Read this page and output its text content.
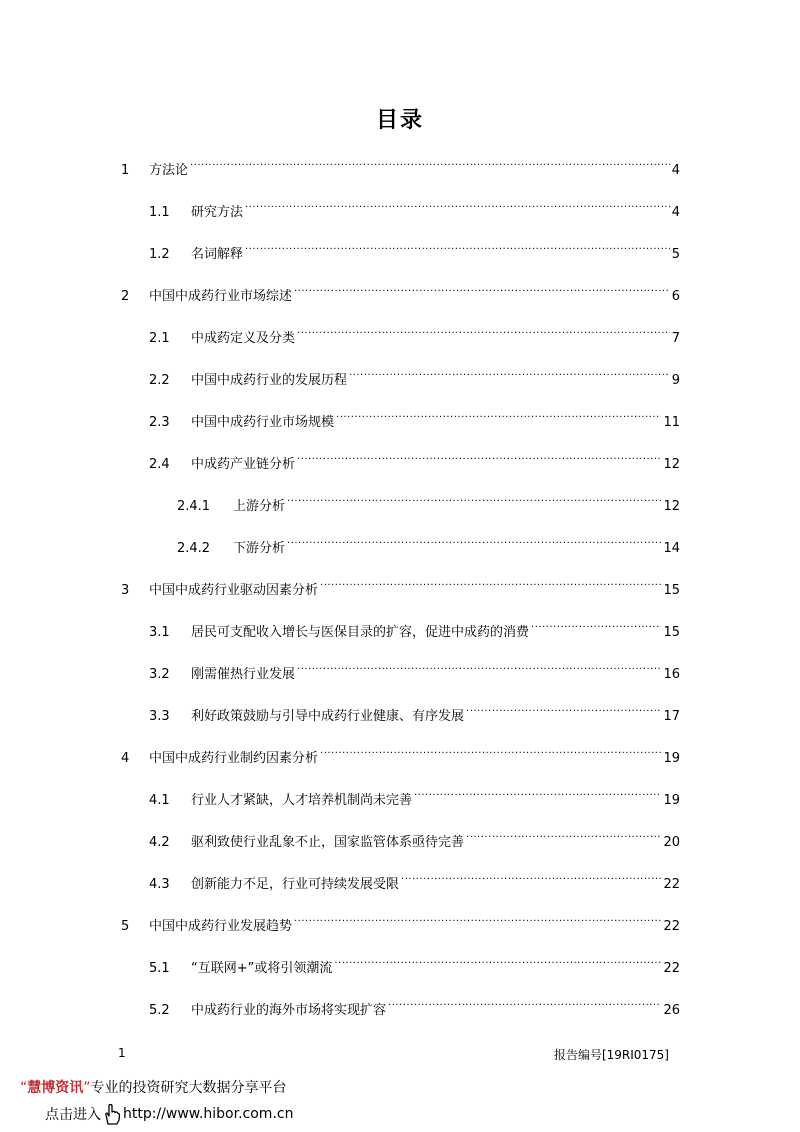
目录
1	方法论 .....	4
1.1	研究方法 .....	4
1.2	名词解释 .....	5
2	中国中成药行业市场综述 .....	6
2.1	中成药定义及分类 .....	7
2.2	中国中成药行业的发展历程 .....	9
2.3	中国中成药行业市场规模 .....	11
2.4	中成药产业链分析 .....	12
2.4.1	上游分析 .....	12
2.4.2	下游分析 .....	14
3	中国中成药行业驱动因素分析 .....	15
3.1	居民可支配收入增长与医保目录的扩容，促进中成药的消费 .....	15
3.2	刚需催热行业发展 .....	16
3.3	利好政策鼓励与引导中成药行业健康、有序发展 .....	17
4	中国中成药行业制约因素分析 .....	19
4.1	行业人才紧缺，人才培养机制尚未完善 .....	19
4.2	驱利致使行业乱象不止，国家监管体系亟待完善 .....	20
4.3	创新能力不足，行业可持续发展受限 .....	22
5	中国中成药行业发展趋势 .....	22
5.1	“互联网+”或将引领潮流 .....	22
5.2	中成药行业的海外市场将实现扩容 .....	26
1	报告编号[19RI0175]
“慧博资讯”专业的投资研究大数据分享平台
点击进入 http://www.hibor.com.cn
